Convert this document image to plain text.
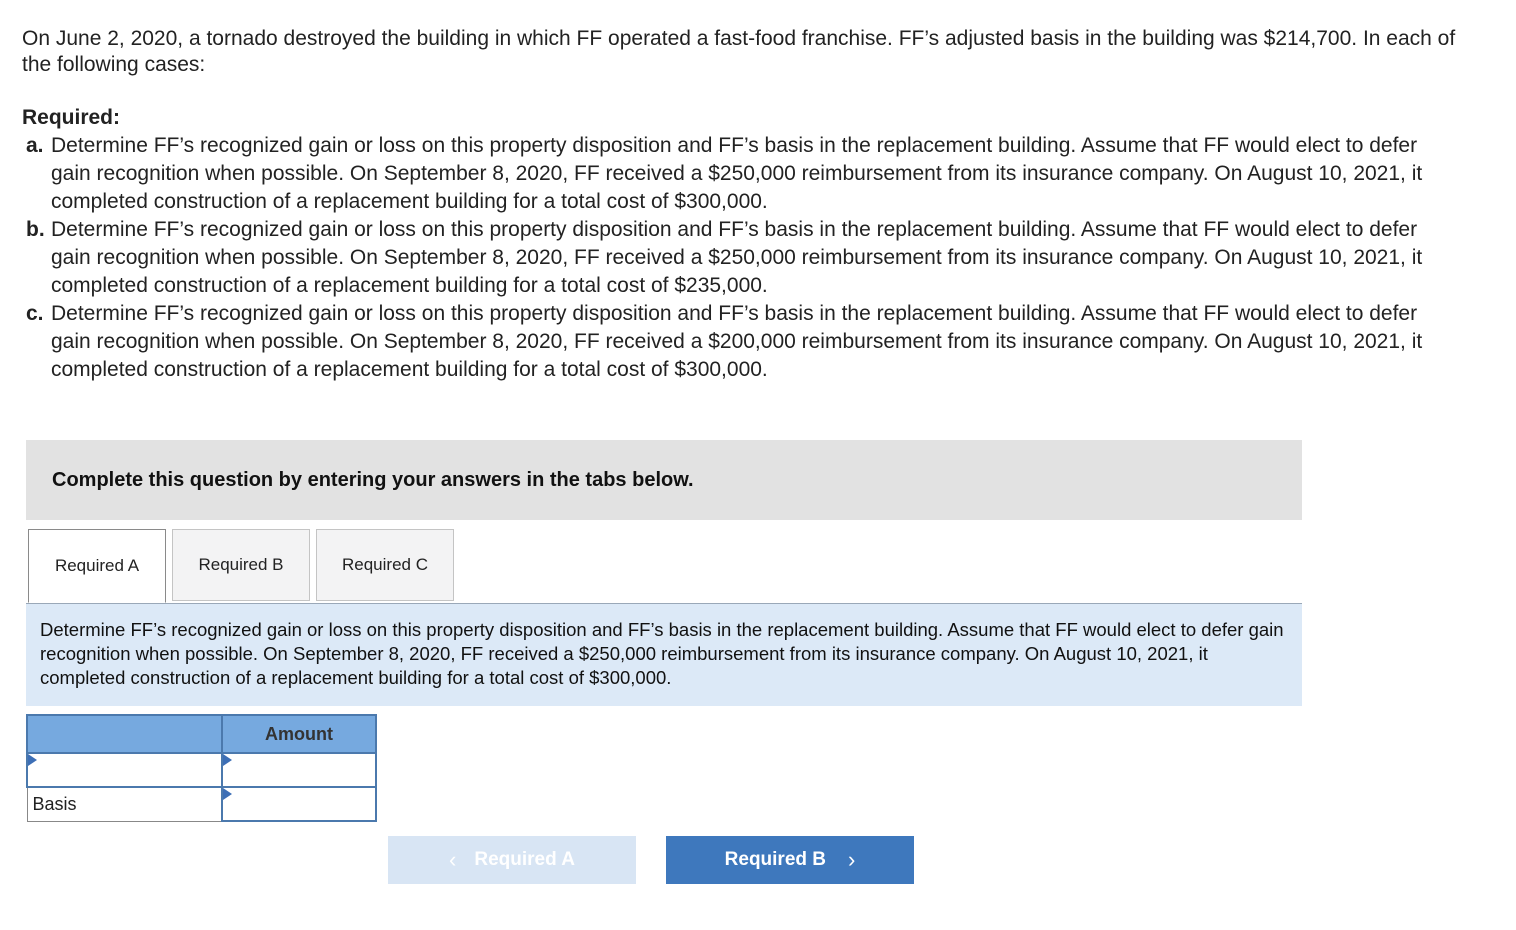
On June 2, 2020, a tornado destroyed the building in which FF operated a fast-food franchise. FF’s adjusted basis in the building was $214,700. In each of the following cases:

Required:

a. Determine FF’s recognized gain or loss on this property disposition and FF’s basis in the replacement building. Assume that FF would elect to defer gain recognition when possible. On September 8, 2020, FF received a $250,000 reimbursement from its insurance company. On August 10, 2021, it completed construction of a replacement building for a total cost of $300,000.
b. Determine FF’s recognized gain or loss on this property disposition and FF’s basis in the replacement building. Assume that FF would elect to defer gain recognition when possible. On September 8, 2020, FF received a $250,000 reimbursement from its insurance company. On August 10, 2021, it completed construction of a replacement building for a total cost of $235,000.
c. Determine FF’s recognized gain or loss on this property disposition and FF’s basis in the replacement building. Assume that FF would elect to defer gain recognition when possible. On September 8, 2020, FF received a $200,000 reimbursement from its insurance company. On August 10, 2021, it completed construction of a replacement building for a total cost of $300,000.
Complete this question by entering your answers in the tabs below.
Required A	Required B	Required C
Determine FF’s recognized gain or loss on this property disposition and FF’s basis in the replacement building. Assume that FF would elect to defer gain recognition when possible. On September 8, 2020, FF received a $250,000 reimbursement from its insurance company. On August 10, 2021, it completed construction of a replacement building for a total cost of $300,000.
	Amount

Basis	
‹ Required A	Required B ›
